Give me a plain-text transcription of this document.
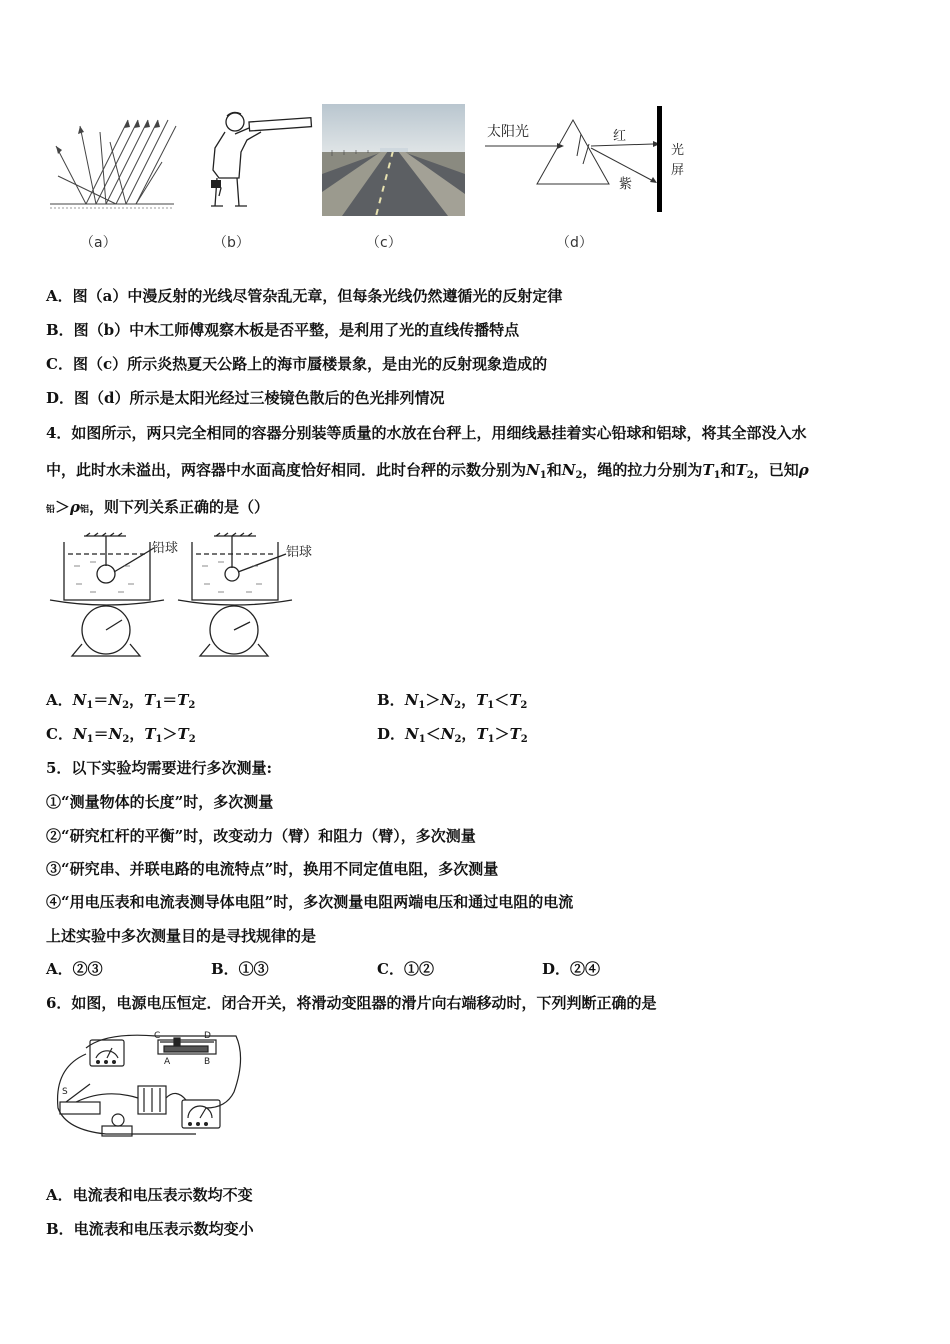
（a）	（b）	（c）
太阳光	红
紫
光
屏
（d）
A．图（a）中漫反射的光线尽管杂乱无章，但每条光线仍然遵循光的反射定律
B．图（b）中木工师傅观察木板是否平整，是利用了光的直线传播特点
C．图（c）所示炎热夏天公路上的海市蜃楼景象，是由光的反射现象造成的
D．图（d）所示是太阳光经过三棱镜色散后的色光排列情况
4．如图所示，两只完全相同的容器分别装等质量的水放在台秤上，用细线悬挂着实心铅球和铝球，将其全部没入水
中，此时水未溢出，两容器中水面高度恰好相同．此时台秤的示数分别为$N_1$和$N_2$，绳的拉力分别为$T_1$和$T_2$，已知ρ
铅＞ρ铝，则下列关系正确的是（）
铅球	铝球
A．$N_1=N_2$，$T_1=T_2$	B．$N_1>N_2$，$T_1<T_2$
C．$N_1=N_2$，$T_1>T_2$	D．$N_1<N_2$，$T_1>T_2$
5．以下实验均需要进行多次测量:
①“测量物体的长度”时，多次测量
②“研究杠杆的平衡”时，改变动力（臂）和阻力（臂），多次测量
③“研究串、并联电路的电流特点”时，换用不同定值电阻，多次测量
④“用电压表和电流表测导体电阻”时，多次测量电阻两端电压和通过电阻的电流
上述实验中多次测量目的是寻找规律的是
A．②③	B．①③	C．①②	D．②④
6．如图，电源电压恒定．闭合开关，将滑动变阻器的滑片向右端移动时，下列判断正确的是
C	D
A	B
S
A．电流表和电压表示数均不变
B．电流表和电压表示数均变小
